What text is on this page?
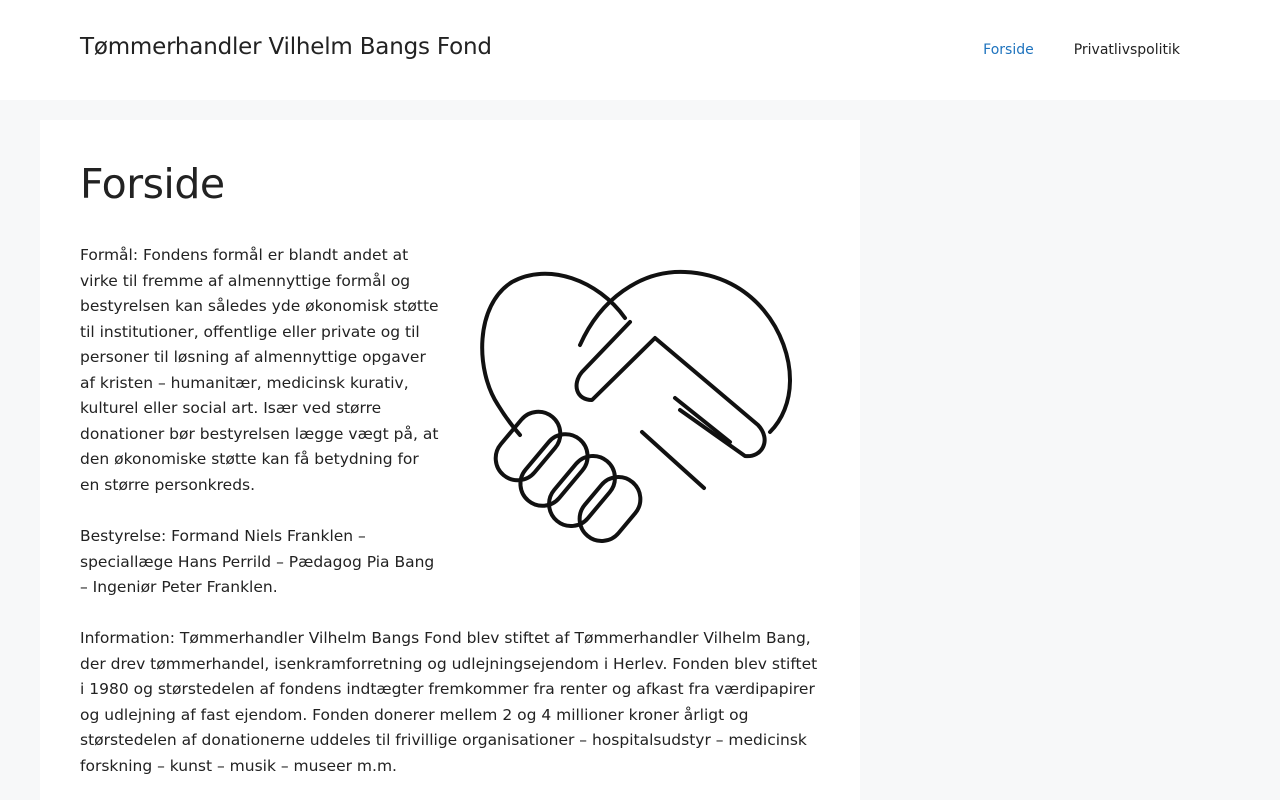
Tømmerhandler Vilhelm Bangs Fond	Forside	Privatlivspolitik
Forside

Formål: Fondens formål er blandt andet at virke til fremme af almennyttige formål og bestyrelsen kan således yde økonomisk støtte til institutioner, offentlige eller private og til personer til løsning af almennyttige opgaver af kristen – humanitær, medicinsk kurativ, kulturel eller social art. Især ved større donationer bør bestyrelsen lægge vægt på, at den økonomiske støtte kan få betydning for en større personkreds.

Bestyrelse: Formand Niels Franklen – speciallæge Hans Perrild – Pædagog Pia Bang – Ingeniør Peter Franklen.

Information: Tømmerhandler Vilhelm Bangs Fond blev stiftet af Tømmerhandler Vilhelm Bang, der drev tømmerhandel, isenkramforretning og udlejningsejendom i Herlev. Fonden blev stiftet i 1980 og størstedelen af fondens indtægter fremkommer fra renter og afkast fra værdipapirer og udlejning af fast ejendom. Fonden donerer mellem 2 og 4 millioner kroner årligt og størstedelen af donationerne uddeles til frivillige organisationer – hospitalsudstyr – medicinsk forskning – kunst – musik – museer m.m.
